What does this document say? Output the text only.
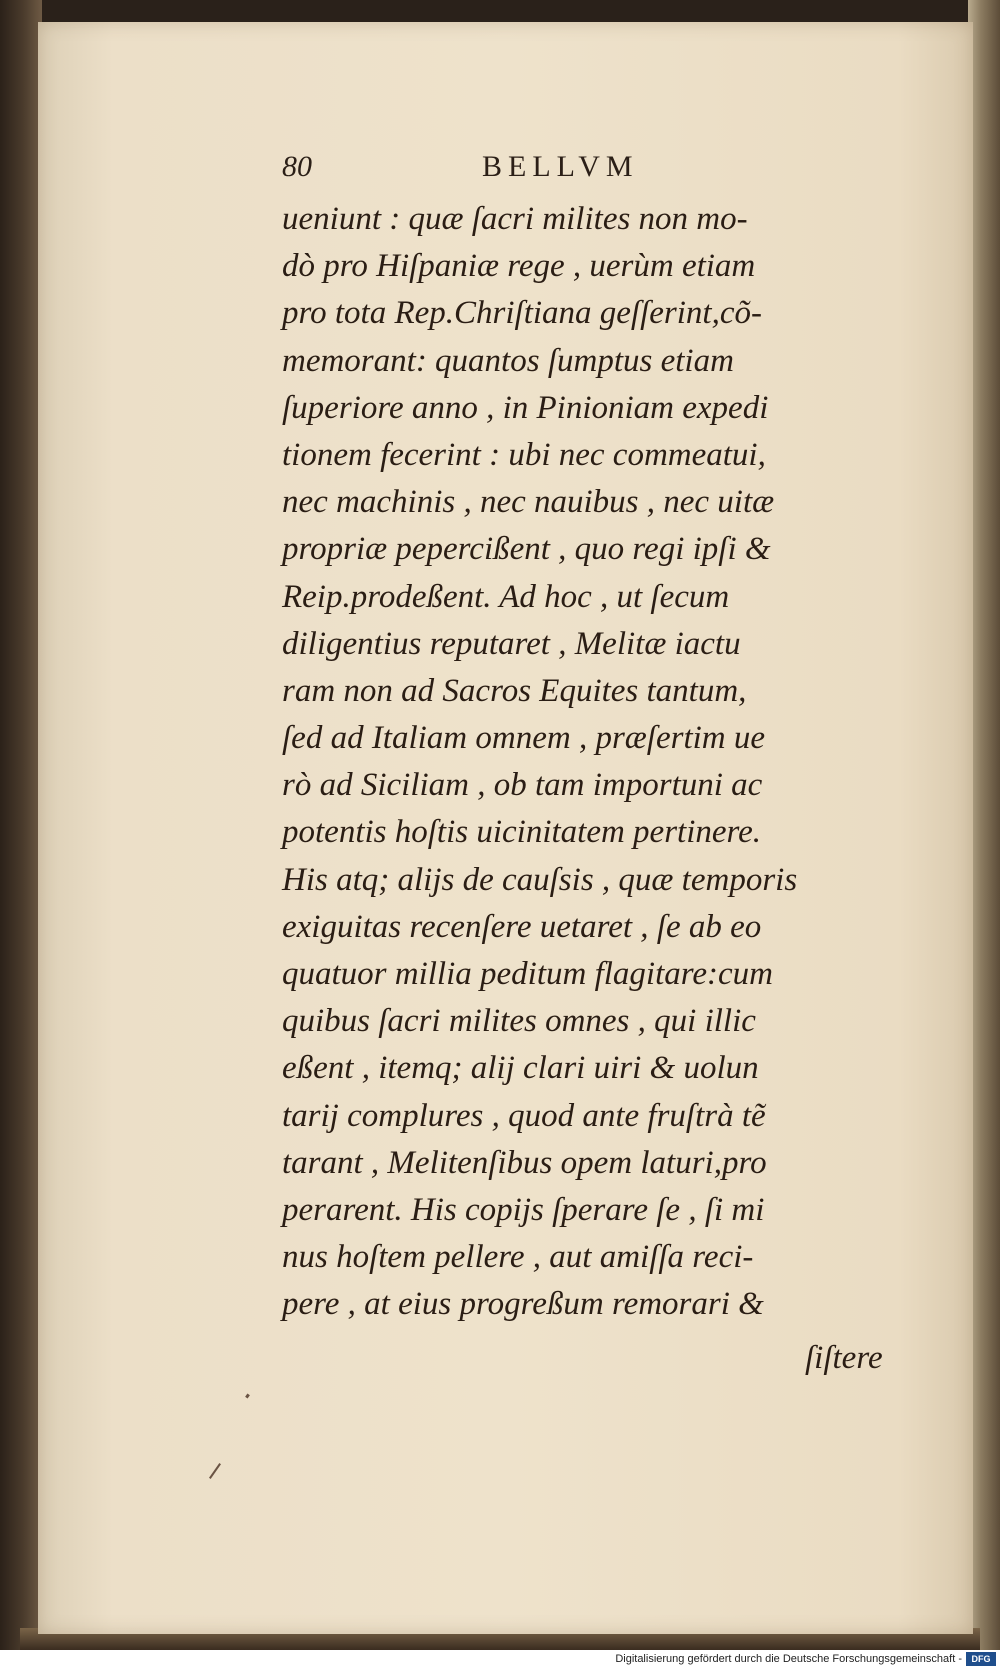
80	BELLVM
ueniunt : quæ ſacri milites non mo-
dò pro Hiſpaniæ rege , uerùm etiam
pro tota Rep.Chriſtiana geſſerint,cõ-
memorant: quantos ſumptus etiam
ſuperiore anno , in Pinioniam expedi
tionem fecerint : ubi nec commeatui,
nec machinis , nec nauibus , nec uitæ
propriæ pepercißent , quo regi ipſi &
Reip.prodeßent. Ad hoc , ut ſecum
diligentius reputaret , Melitæ iactu
ram non ad Sacros Equites tantum,
ſed ad Italiam omnem , præſertim ue
rò ad Siciliam , ob tam importuni ac
potentis hoſtis uicinitatem pertinere.
His atq; alijs de cauſsis , quæ temporis
exiguitas recenſere uetaret , ſe ab eo
quatuor millia peditum flagitare:cum
quibus ſacri milites omnes , qui illic
eßent , itemq; alij clari uiri & uolun
tarij complures , quod ante fruſtrà tẽ
tarant , Melitenſibus opem laturi,pro
perarent. His copijs ſperare ſe , ſi mi
nus hoſtem pellere , aut amiſſa reci-
pere , at eius progreßum remorari &
ſiſtere
Digitalisierung gefördert durch die Deutsche Forschungsgemeinschaft -	DFG
